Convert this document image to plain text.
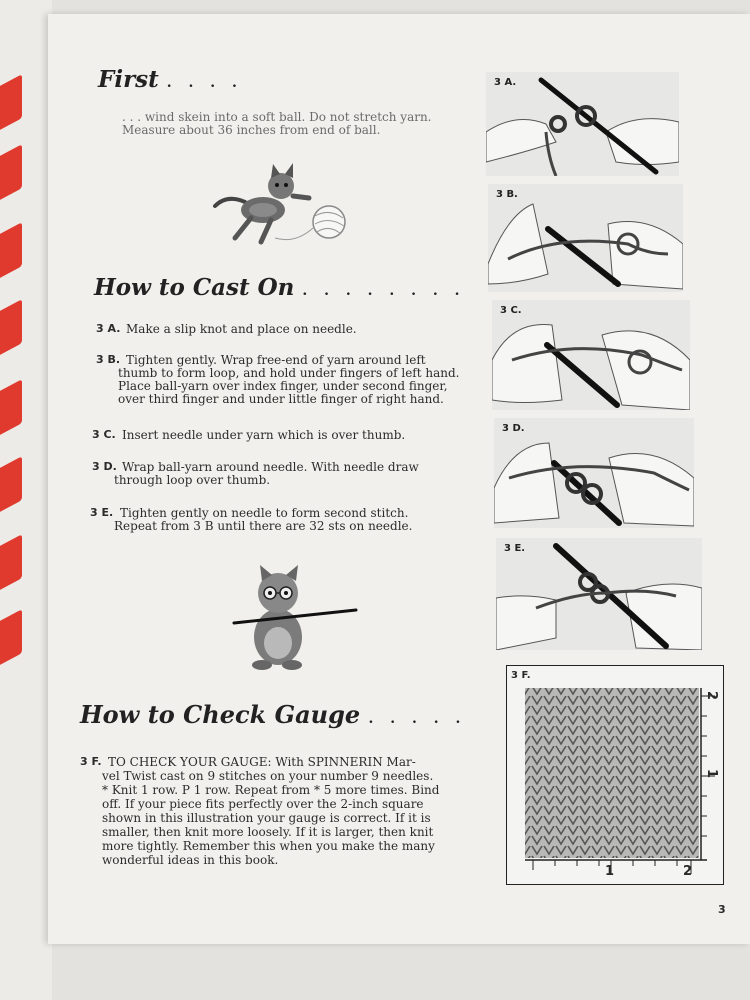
First . . . .

. . . wind skein into a soft ball. Do not stretch yarn.

Measure about 36 inches from end of ball.

How to Cast On . . . . . . . .
3 A. Make a slip knot and place on needle.

3 B. Tighten gently. Wrap free-end of yarn around left

thumb to form loop, and hold under fingers of left hand.

Place ball-yarn over index finger, under second finger,

over third finger and under little finger of right hand.

3 C. Insert needle under yarn which is over thumb.

3 D. Wrap ball-yarn around needle. With needle draw

through loop over thumb.

3 E. Tighten gently on needle to form second stitch.

Repeat from 3 B until there are 32 sts on needle.

How to Check Gauge . . . . .
3 F. TO CHECK YOUR GAUGE: With SPINNERIN Mar-

vel Twist cast on 9 stitches on your number 9 needles.

* Knit 1 row. P 1 row. Repeat from * 5 more times. Bind

off. If your piece fits perfectly over the 2-inch square

shown in this illustration your gauge is correct. If it is

smaller, then knit more loosely. If it is larger, then knit

more tightly. Remember this when you make the many

wonderful ideas in this book.

3 A.
3 B.
3 C.
3 D.
3 E.
3 F.
1	2
2
1
3
